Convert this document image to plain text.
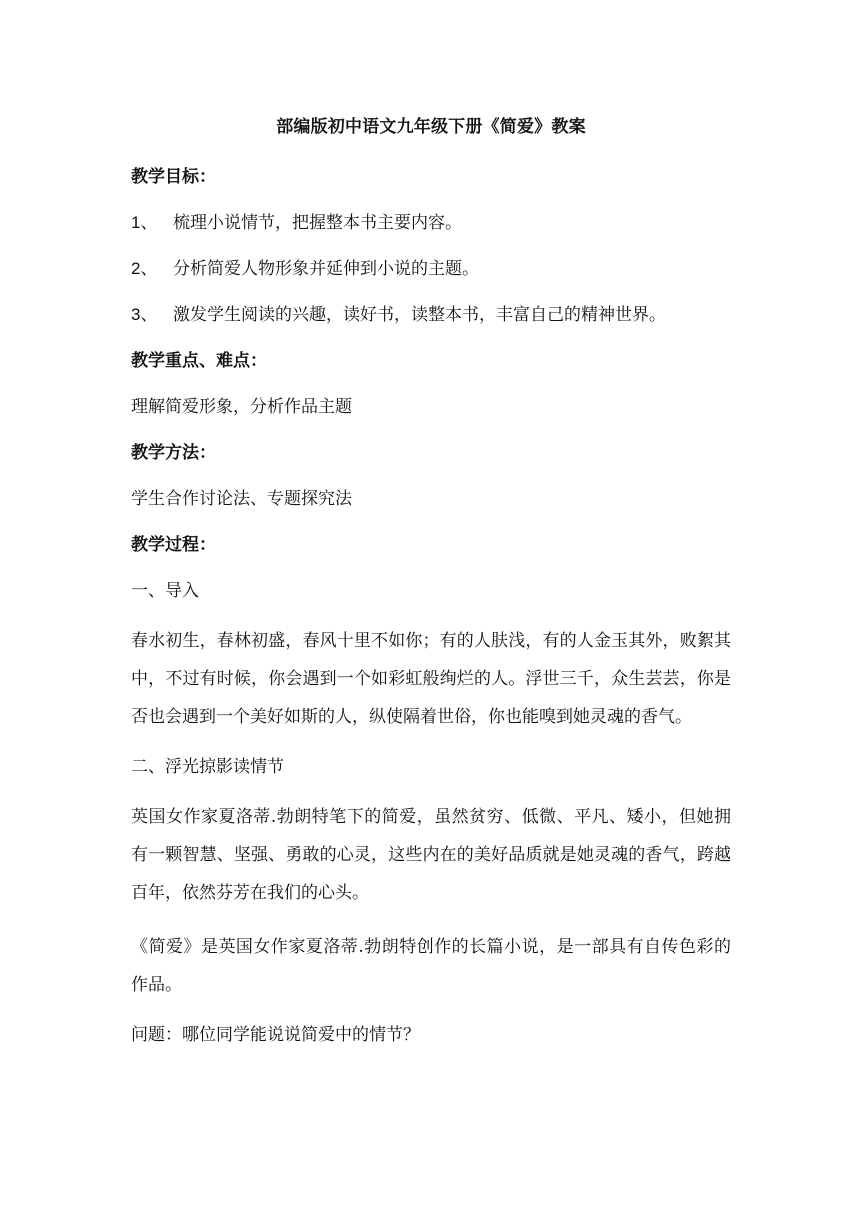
部编版初中语文九年级下册《简爱》教案
教学目标：
1、 梳理小说情节，把握整本书主要内容。
2、 分析简爱人物形象并延伸到小说的主题。
3、 激发学生阅读的兴趣，读好书，读整本书，丰富自己的精神世界。
教学重点、难点：
理解简爱形象，分析作品主题
教学方法：
学生合作讨论法、专题探究法
教学过程：
一、导入
春水初生，春林初盛，春风十里不如你；有的人肤浅，有的人金玉其外，败絮其中，不过有时候，你会遇到一个如彩虹般绚烂的人。浮世三千，众生芸芸，你是否也会遇到一个美好如斯的人，纵使隔着世俗，你也能嗅到她灵魂的香气。
二、浮光掠影读情节
英国女作家夏洛蒂.勃朗特笔下的简爱，虽然贫穷、低微、平凡、矮小，但她拥有一颗智慧、坚强、勇敢的心灵，这些内在的美好品质就是她灵魂的香气，跨越百年，依然芬芳在我们的心头。
《简爱》是英国女作家夏洛蒂.勃朗特创作的长篇小说，是一部具有自传色彩的作品。
问题：哪位同学能说说简爱中的情节？
